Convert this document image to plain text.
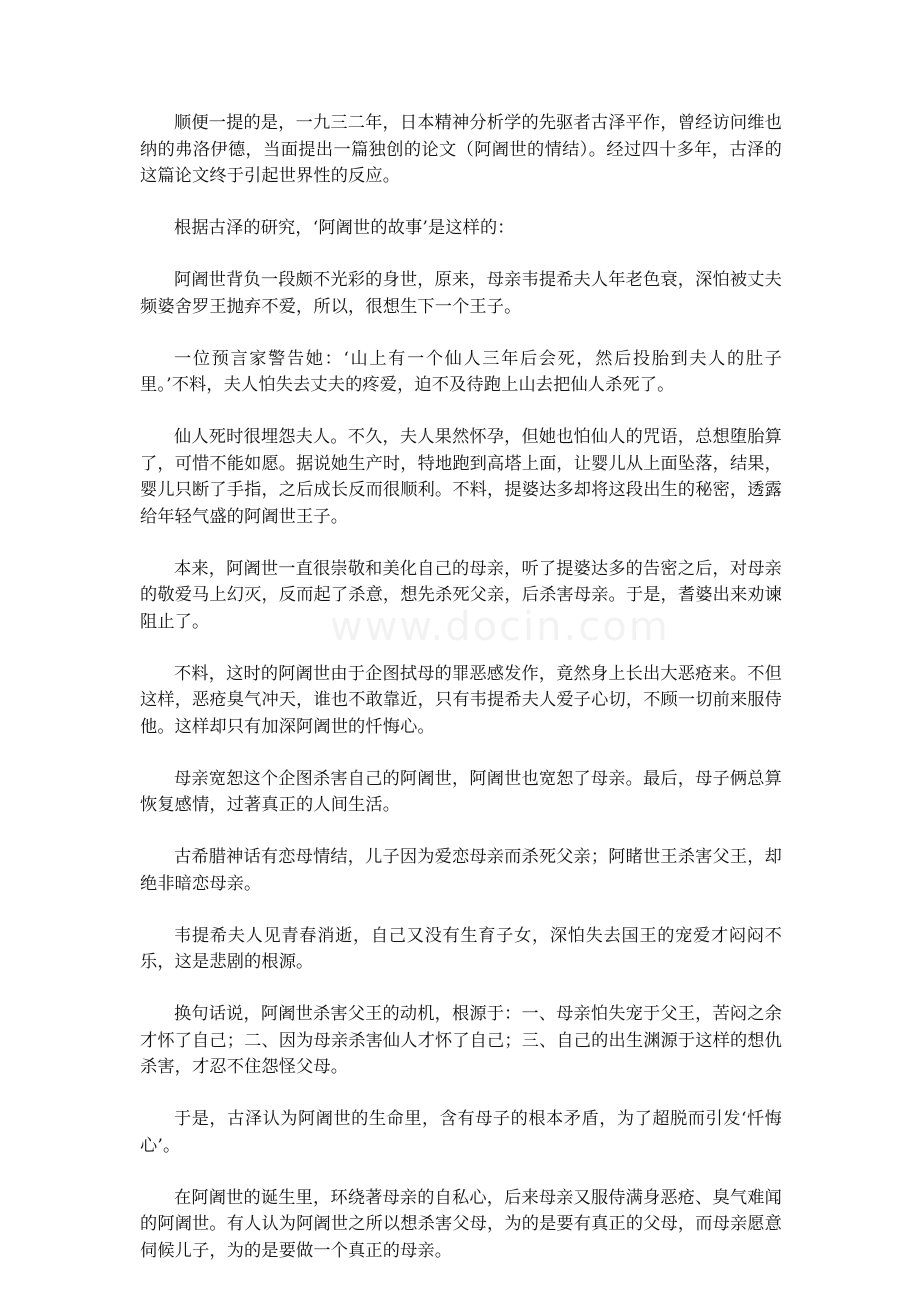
顺便一提的是，一九三二年，日本精神分析学的先驱者古泽平作，曾经访问维也纳的弗洛伊德，当面提出一篇独创的论文（阿阇世的情结）。经过四十多年，古泽的这篇论文终于引起世界性的反应。

根据古泽的研究，‘阿阇世的故事’是这样的：

阿阇世背负一段颇不光彩的身世，原来，母亲韦提希夫人年老色衰，深怕被丈夫频婆舍罗王抛弃不爱，所以，很想生下一个王子。

一位预言家警告她：‘山上有一个仙人三年后会死，然后投胎到夫人的肚子里。’不料，夫人怕失去丈夫的疼爱，迫不及待跑上山去把仙人杀死了。

仙人死时很埋怨夫人。不久，夫人果然怀孕，但她也怕仙人的咒语，总想堕胎算了，可惜不能如愿。据说她生产时，特地跑到高塔上面，让婴儿从上面坠落，结果，婴儿只断了手指，之后成长反而很顺利。不料，提婆达多却将这段出生的秘密，透露给年轻气盛的阿阇世王子。

本来，阿阇世一直很崇敬和美化自己的母亲，听了提婆达多的告密之后，对母亲的敬爱马上幻灭，反而起了杀意，想先杀死父亲，后杀害母亲。于是，耆婆出来劝谏阻止了。

不料，这时的阿阇世由于企图拭母的罪恶感发作，竟然身上长出大恶疮来。不但这样，恶疮臭气冲天，谁也不敢靠近，只有韦提希夫人爱子心切，不顾一切前来服侍他。这样却只有加深阿阇世的忏悔心。

母亲宽恕这个企图杀害自己的阿阇世，阿阇世也宽恕了母亲。最后，母子俩总算恢复感情，过著真正的人间生活。

古希腊神话有恋母情结，儿子因为爱恋母亲而杀死父亲；阿睹世王杀害父王，却绝非暗恋母亲。

韦提希夫人见青春消逝，自己又没有生育子女，深怕失去国王的宠爱才闷闷不乐，这是悲剧的根源。

换句话说，阿阇世杀害父王的动机，根源于：一、母亲怕失宠于父王，苦闷之余才怀了自己；二、因为母亲杀害仙人才怀了自己；三、自己的出生渊源于这样的想仇杀害，才忍不住怨怪父母。

于是，古泽认为阿阇世的生命里，含有母子的根本矛盾，为了超脱而引发‘忏悔心’。

在阿阇世的诞生里，环绕著母亲的自私心，后来母亲又服侍满身恶疮、臭气难闻的阿阇世。有人认为阿阇世之所以想杀害父母，为的是要有真正的父母，而母亲愿意伺候儿子，为的是要做一个真正的母亲。

www.docin.com
